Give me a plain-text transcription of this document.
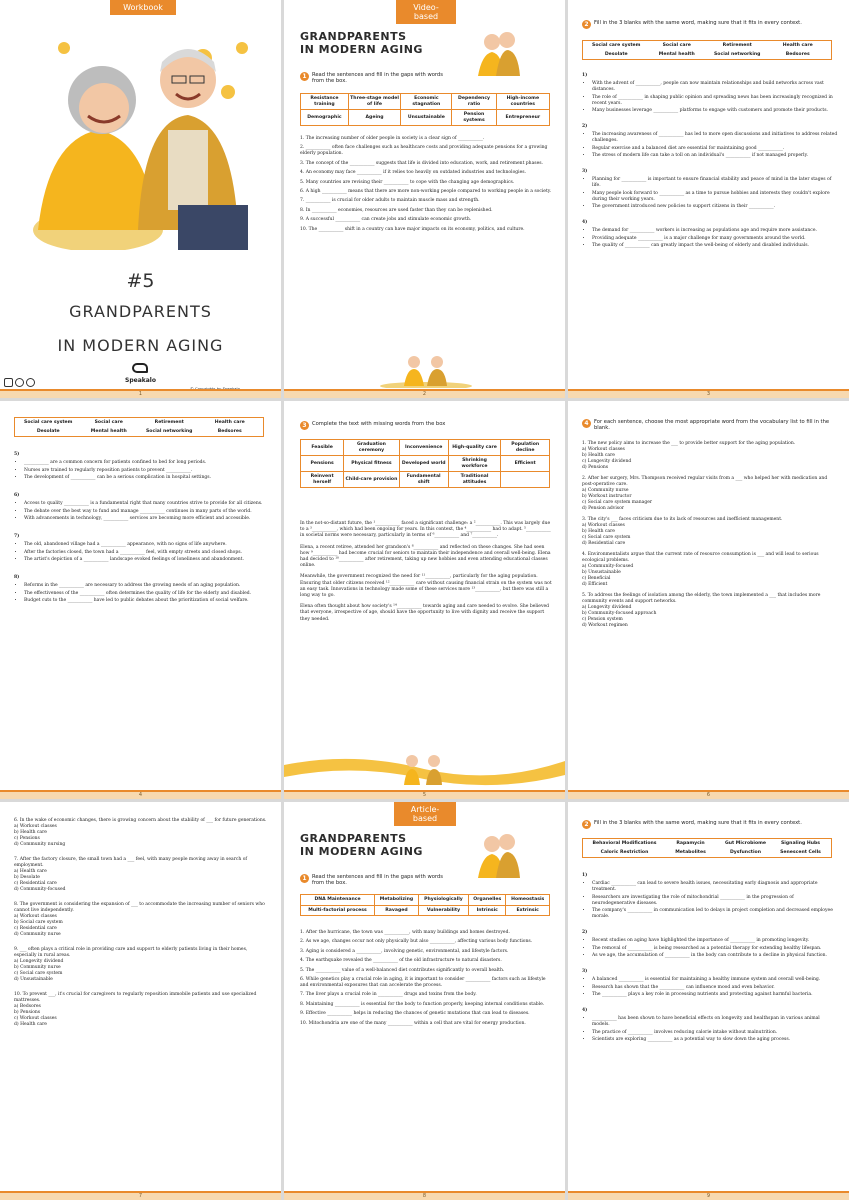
Workbook
#5
GRANDPARENTS
IN MODERN AGING
Speakalo
1
Video-based
GRANDPARENTS
IN MODERN AGING
1	Read the sentences and fill in the gaps with words from the box.
Resistance training	Three-stage model of life	Economic stagnation	Dependency ratio	High-income countries
Demographic	Ageing	Unsustainable	Pension systems	Entrepreneur

1. The increasing number of older people in society is a clear sign of ___________.

2. ___________ often face challenges such as healthcare costs and providing adequate pensions for a growing elderly population.

3. The concept of the ___________ suggests that life is divided into education, work, and retirement phases.

4. An economy may face ___________ if it relies too heavily on outdated industries and technologies.

5. Many countries are revising their ___________ to cope with the changing age demographics.

6. A high ___________ means that there are more non-working people compared to working people in a society.

7. ___________ is crucial for older adults to maintain muscle mass and strength.

8. In ___________ economies, resources are used faster than they can be replenished.

9. A successful ___________ can create jobs and stimulate economic growth.

10. The ___________ shift in a country can have major impacts on its economy, politics, and culture.

2
2	Fill in the 3 blanks with the same word, making sure that it fits in every context.
Social care system	Social care	Retirement	Health care
Desolate	Mental health	Social networking	Bedsores
1)
• With the advent of ___________, people can now maintain relationships and build networks across vast distances.
• The role of ___________ in shaping public opinion and spreading news has been increasingly recognized in recent years.
• Many businesses leverage ___________ platforms to engage with customers and promote their products.
2)
• The increasing awareness of ___________ has led to more open discussions and initiatives to address related challenges.
• Regular exercise and a balanced diet are essential for maintaining good ___________.
• The stress of modern life can take a toll on an individual's ___________ if not managed properly.
3)
• Planning for ___________ is important to ensure financial stability and peace of mind in the later stages of life.
• Many people look forward to ___________ as a time to pursue hobbies and interests they couldn't explore during their working years.
• The government introduced new policies to support citizens in their ___________.
4)
• The demand for ___________ workers is increasing as populations age and require more assistance.
• Providing adequate ___________ is a major challenge for many governments around the world.
• The quality of ___________ can greatly impact the well-being of elderly and disabled individuals.
3
Social care system	Social care	Retirement	Health care
Desolate	Mental health	Social networking	Bedsores
5)
• ___________ are a common concern for patients confined to bed for long periods.
• Nurses are trained to regularly reposition patients to prevent ___________.
• The development of ___________ can be a serious complication in hospital settings.
6)
• Access to quality ___________ is a fundamental right that many countries strive to provide for all citizens.
• The debate over the best way to fund and manage ___________ continues in many parts of the world.
• With advancements in technology, ___________ services are becoming more efficient and accessible.
7)
• The old, abandoned village had a ___________ appearance, with no signs of life anywhere.
• After the factories closed, the town had a ___________ feel, with empty streets and closed shops.
• The artist's depiction of a ___________ landscape evoked feelings of loneliness and abandonment.
8)
• Reforms in the ___________ are necessary to address the growing needs of an aging population.
• The effectiveness of the ___________ often determines the quality of life for the elderly and disabled.
• Budget cuts to the ___________ have led to public debates about the prioritization of social welfare.
4
3	Complete the text with missing words from the box
Feasible	Graduation ceremony	Inconvenience	High-quality care	Population decline
Pensions	Physical fitness	Developed world	Shrinking workforce	Efficient
Reinvent herself	Child-care provision	Fundamental shift	Traditional attitudes	

In the not-so-distant future, the ¹___________ faced a significant challenge: a ²___________. This was largely due to a ³___________, which had been ongoing for years. In this context, the ⁴___________ had to adapt. ⁵___________ in societal norms were necessary, particularly in terms of ⁶___________ and ⁷___________.

Elena, a recent retiree, attended her grandson's ⁸___________ and reflected on these changes. She had seen how ⁹___________ had become crucial for seniors to maintain their independence and overall well-being. Elena had decided to ¹⁰___________ after retirement, taking up new hobbies and even attending educational classes online.

Meanwhile, the government recognized the need for ¹¹___________, particularly for the aging population. Ensuring that older citizens received ¹²___________ care without causing financial strain on the system was not an easy task. Innovations in technology made some of these services more ¹³___________, but there was still a long way to go.

Elena often thought about how society's ¹⁴___________ towards aging and care needed to evolve. She believed that everyone, irrespective of age, should have the opportunity to live with dignity and receive the support they needed.

5
4	For each sentence, choose the most appropriate word from the vocabulary list to fill in the blank.
1. The new policy aims to increase the ___ to provide better support for the aging population.
a) Workout classes
b) Health care
c) Longevity dividend
d) Pensions
2. After her surgery, Mrs. Thompson received regular visits from a ___ who helped her with medication and post-operative care.
a) Community nurse
b) Workout instructor
c) Social care system manager
d) Pension advisor
3. The city's ___ faces criticism due to its lack of resources and inefficient management.
a) Workout classes
b) Health care
c) Social care system
d) Residential care
4. Environmentalists argue that the current rate of resource consumption is ___ and will lead to serious ecological problems.
a) Community-focused
b) Unsustainable
c) Beneficial
d) Efficient
5. To address the feelings of isolation among the elderly, the town implemented a ___ that includes more community events and support networks.
a) Longevity dividend
b) Community-focused approach
c) Pension system
d) Workout regimen
6
6. In the wake of economic changes, there is growing concern about the stability of ___ for future generations.
a) Workout classes
b) Health care
c) Pensions
d) Community nursing
7. After the factory closure, the small town had a ___ feel, with many people moving away in search of employment.
a) Health care
b) Desolate
c) Residential care
d) Community-focused
8. The government is considering the expansion of ___ to accommodate the increasing number of seniors who cannot live independently.
a) Workout classes
b) Social care system
c) Residential care
d) Community nurse
9. ___ often plays a critical role in providing care and support to elderly patients living in their homes, especially in rural areas.
a) Longevity dividend
b) Community nurse
c) Social care system
d) Unsustainable
10. To prevent ___, it's crucial for caregivers to regularly reposition immobile patients and use specialized mattresses.
a) Bedsores
b) Pensions
c) Workout classes
d) Health care
7
Article-based
GRANDPARENTS
IN MODERN AGING
1	Read the sentences and fill in the gaps with words from the box.
DNA Maintenance	Metabolizing	Physiologically	Organelles	Homeostasis
Multi-factorial process	Ravaged	Vulnerability	Intrinsic	Extrinsic

1. After the hurricane, the town was ___________, with many buildings and homes destroyed.

2. As we age, changes occur not only physically but also ___________, affecting various body functions.

3. Aging is considered a ___________, involving genetic, environmental, and lifestyle factors.

4. The earthquake revealed the ___________ of the old infrastructure to natural disasters.

5. The ___________ value of a well-balanced diet contributes significantly to overall health.

6. While genetics play a crucial role in aging, it is important to consider ___________ factors such as lifestyle and environmental exposures that can accelerate the process.

7. The liver plays a crucial role in ___________ drugs and toxins from the body.

8. Maintaining ___________ is essential for the body to function properly, keeping internal conditions stable.

9. Effective ___________ helps in reducing the chances of genetic mutations that can lead to diseases.

10. Mitochondria are one of the many ___________ within a cell that are vital for energy production.

8
2	Fill in the 3 blanks with the same word, making sure that it fits in every context.
Behavioral Modifications	Rapamycin	Gut Microbiome	Signaling Hubs
Caloric Restriction	Metabolites	Dysfunction	Senescent Cells
1)
• Cardiac ___________ can lead to severe health issues, necessitating early diagnosis and appropriate treatment.
• Researchers are investigating the role of mitochondrial ___________ in the progression of neurodegenerative diseases.
• The company's ___________ in communication led to delays in project completion and decreased employee morale.
2)
• Recent studies on aging have highlighted the importance of ___________ in promoting longevity.
• The removal of ___________ is being researched as a potential therapy for extending healthy lifespan.
• As we age, the accumulation of ___________ in the body can contribute to a decline in physical function.
3)
• A balanced ___________ is essential for maintaining a healthy immune system and overall well-being.
• Research has shown that the ___________ can influence mood and even behavior.
• The ___________ plays a key role in processing nutrients and protecting against harmful bacteria.
4)
• ___________ has been shown to have beneficial effects on longevity and healthspan in various animal models.
• The practice of ___________ involves reducing calorie intake without malnutrition.
• Scientists are exploring ___________ as a potential way to slow down the aging process.
9
